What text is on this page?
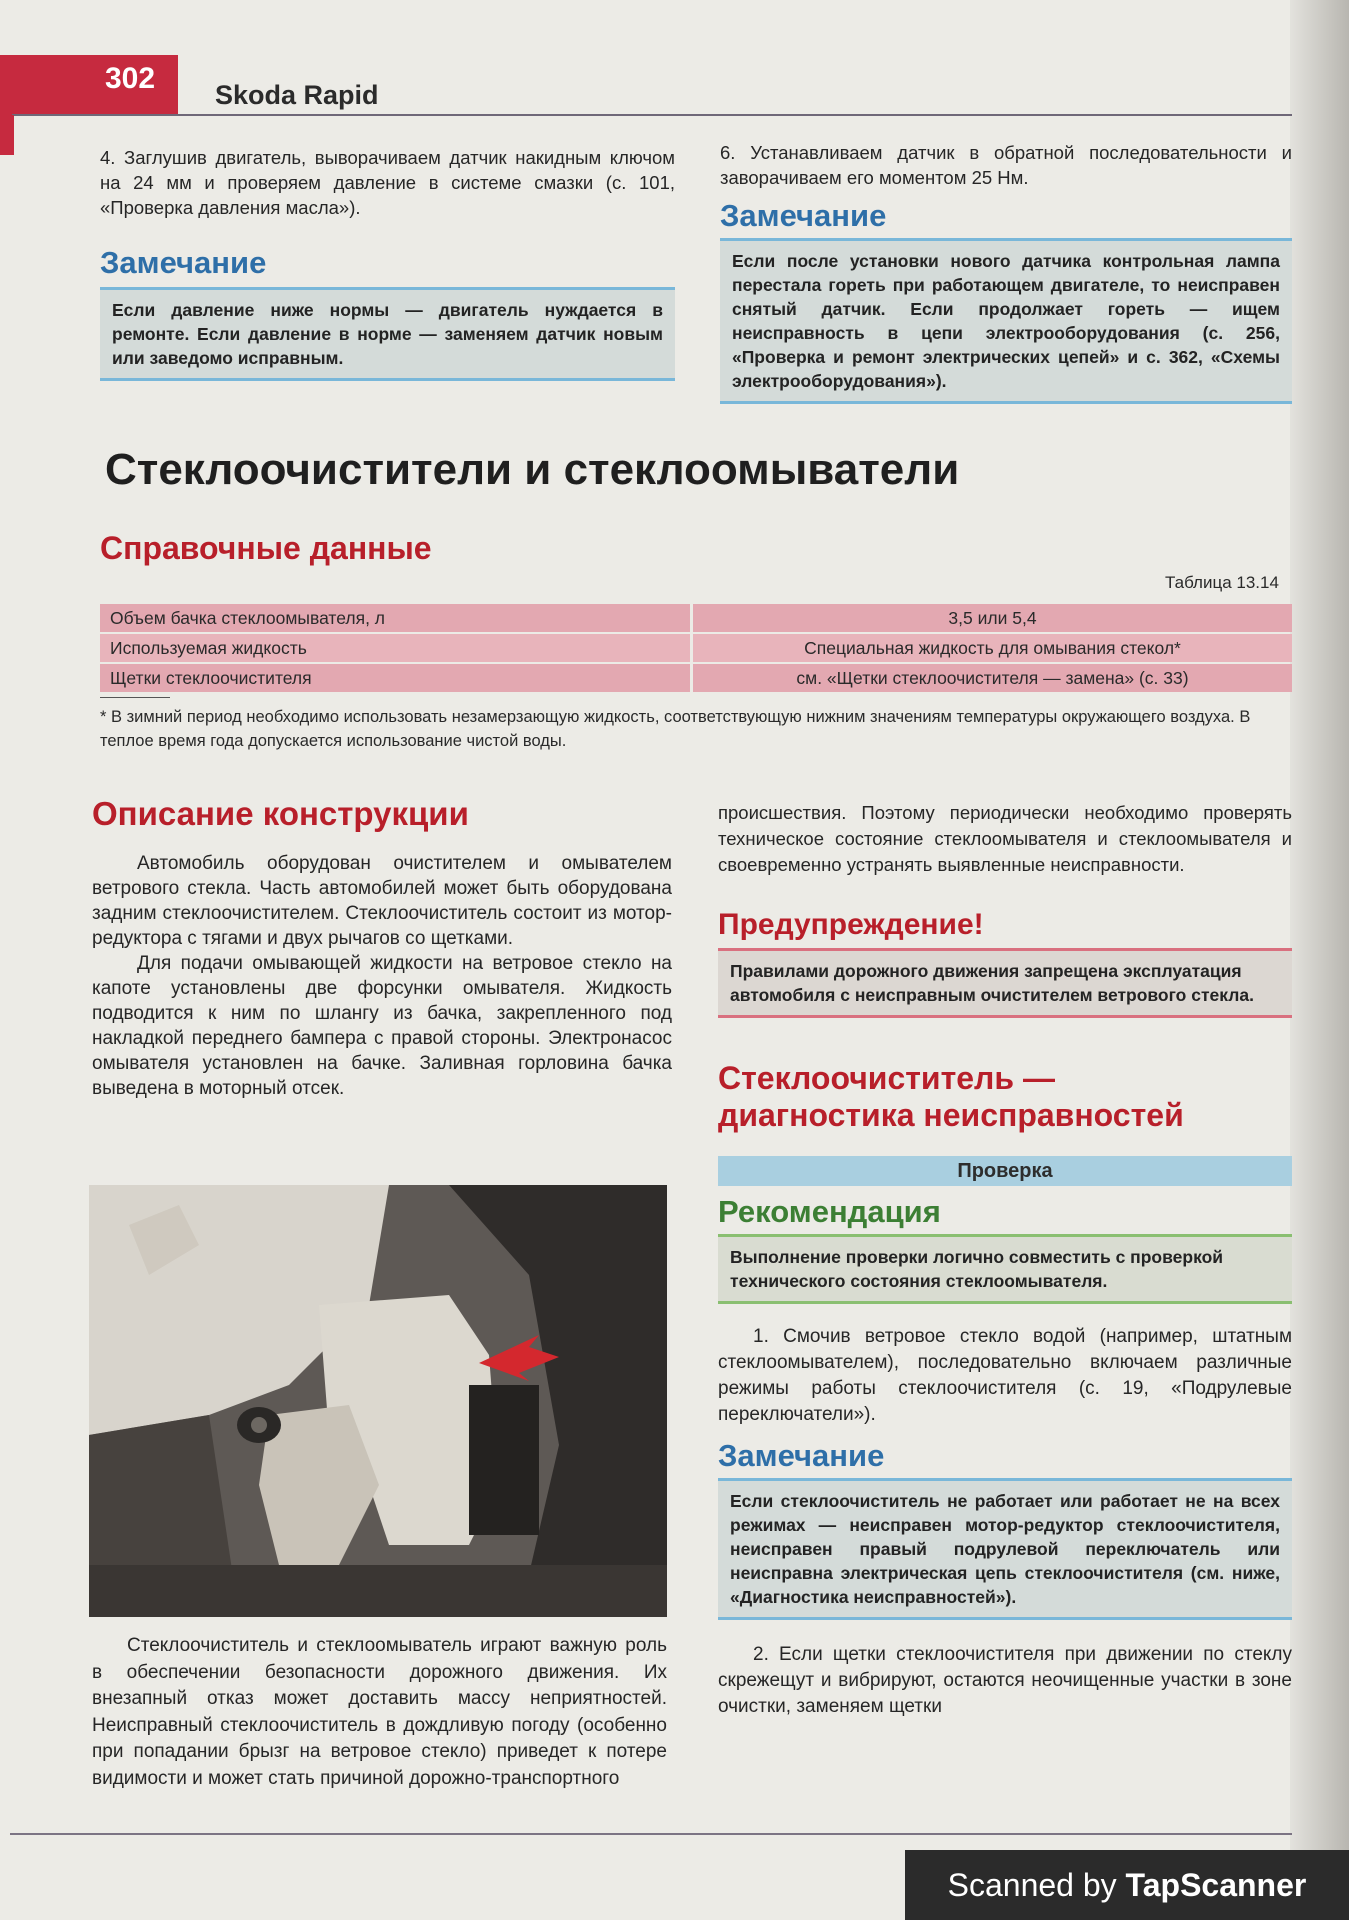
302 Skoda Rapid

4. Заглушив двигатель, выворачиваем датчик накидным ключом на 24 мм и проверяем давление в системе смазки (с. 101, «Проверка давления масла»).

Замечание

Если давление ниже нормы — двигатель нуждается в ремонте. Если давление в норме — заменяем датчик новым или заведомо исправным.

6. Устанавливаем датчик в обратной последовательности и заворачиваем его моментом 25 Нм.

Замечание

Если после установки нового датчика контрольная лампа перестала гореть при работающем двигателе, то неисправен снятый датчик. Если продолжает гореть — ищем неисправность в цепи электрооборудования (с. 256, «Проверка и ремонт электрических цепей» и с. 362, «Схемы электрооборудования»).
Стеклоочистители и стеклоомыватели

Справочные данные

Таблица 13.14
Объем бачка стеклоомывателя, л	3,5 или 5,4
Используемая жидкость	Специальная жидкость для омывания стекол*
Щетки стеклоочистителя	см. «Щетки стеклоочистителя — замена» (с. 33)

* В зимний период необходимо использовать незамерзающую жидкость, соответствующую нижним значениям температуры окружающего воздуха. В теплое время года допускается использование чистой воды.

Описание конструкции

Автомобиль оборудован очистителем и омывателем ветрового стекла. Часть автомобилей может быть оборудована задним стеклоочистителем. Стеклоочиститель состоит из мотор-редуктора с тягами и двух рычагов со щетками.

Для подачи омывающей жидкости на ветровое стекло на капоте установлены две форсунки омывателя. Жидкость подводится к ним по шлангу из бачка, закрепленного под накладкой переднего бампера с правой стороны. Электронасос омывателя установлен на бачке. Заливная горловина бачка выведена в моторный отсек.

Стеклоочиститель и стеклоомыватель играют важную роль в обеспечении безопасности дорожного движения. Их внезапный отказ может доставить массу неприятностей. Неисправный стеклоочиститель в дождливую погоду (особенно при попадании брызг на ветровое стекло) приведет к потере видимости и может стать причиной дорожно-транспортного

происшествия. Поэтому периодически необходимо проверять техническое состояние стеклоомывателя и стеклоомывателя и своевременно устранять выявленные неисправности.

Предупреждение!

Правилами дорожного движения запрещена эксплуатация автомобиля с неисправным очистителем ветрового стекла.

Стеклоочиститель —

диагностика неисправностей

Проверка

Рекомендация

Выполнение проверки логично совместить с проверкой технического состояния стеклоомывателя.

1. Смочив ветровое стекло водой (например, штатным стеклоомывателем), последовательно включаем различные режимы работы стеклоочистителя (с. 19, «Подрулевые переключатели»).

Замечание

Если стеклоочиститель не работает или работает не на всех режимах — неисправен мотор-редуктор стеклоочистителя, неисправен правый подрулевой переключатель или неисправна электрическая цепь стеклоочистителя (см. ниже, «Диагностика неисправностей»).

2. Если щетки стеклоочистителя при движении по стеклу скрежещут и вибрируют, остаются неочищенные участки в зоне очистки, заменяем щетки

Scanned by TapScanner
